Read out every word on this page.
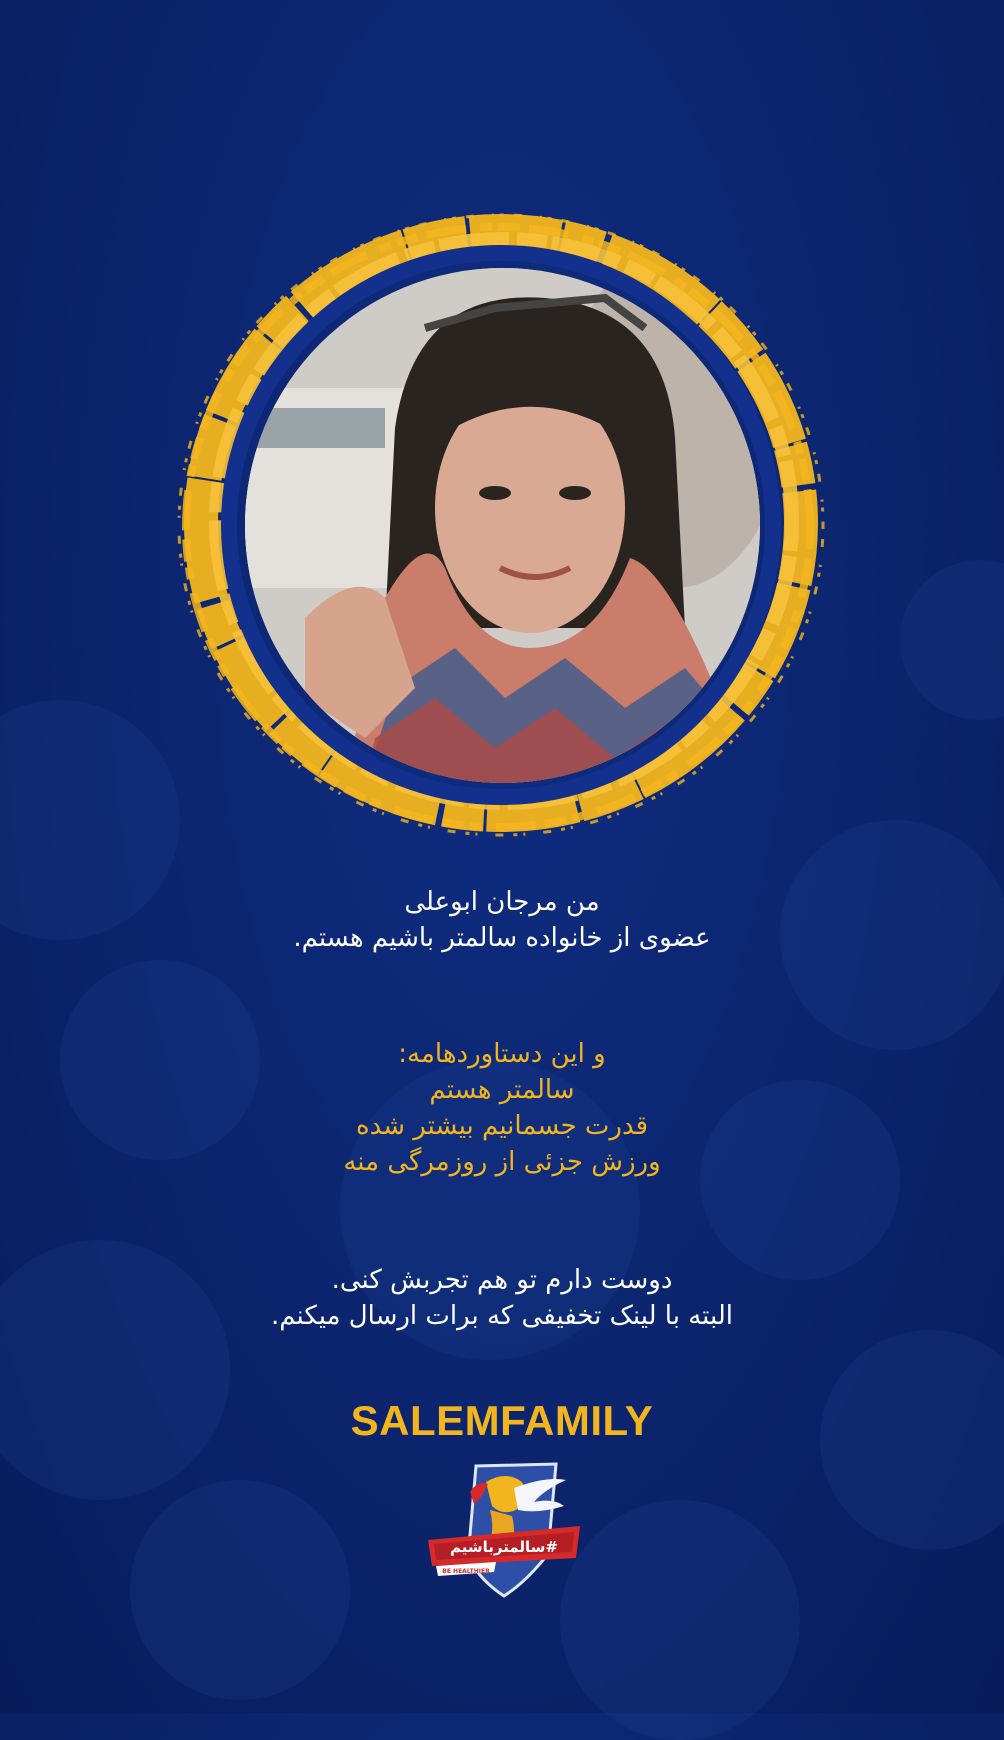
من مرجان ابوعلی
عضوی از خانواده سالمتر باشیم هستم.

و این دستاوردهامه:
سالمتر هستم
قدرت جسمانیم بیشتر شده
ورزش جزئی از روزمرگی منه

دوست دارم تو هم تجربش کنی.
البته با لینک تخفیفی که برات ارسال میکنم.

SALEMFAMILY
#سالمترباشیم
BE HEALTHIER
